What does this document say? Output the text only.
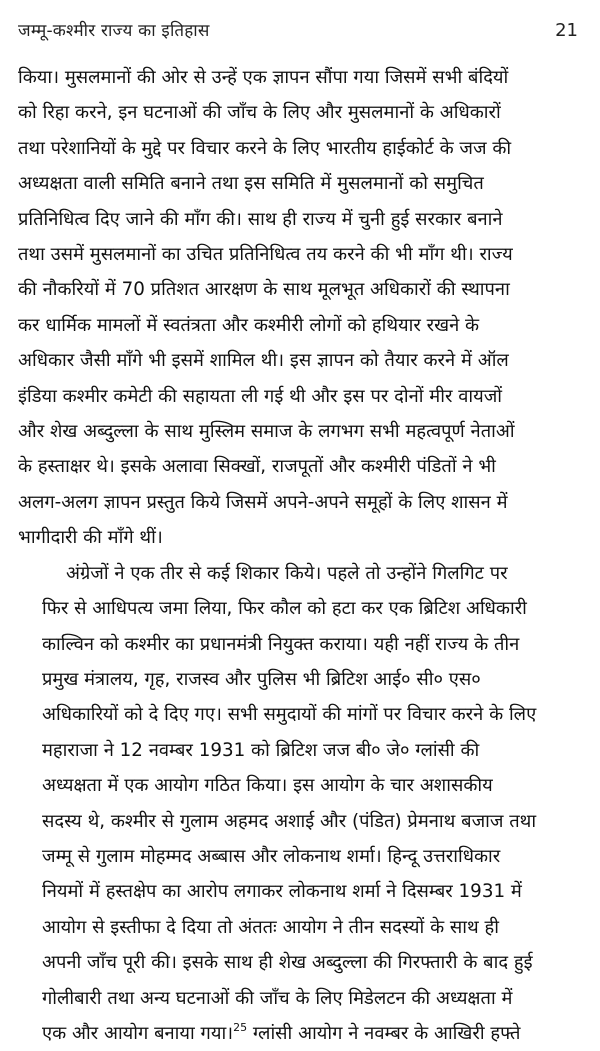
जम्मू-कश्मीर राज्य का इतिहास	21

किया। मुसलमानों की ओर से उन्हें एक ज्ञापन सौंपा गया जिसमें सभी बंदियों
को रिहा करने, इन घटनाओं की जाँच के लिए और मुसलमानों के अधिकारों
तथा परेशानियों के मुद्दे पर विचार करने के लिए भारतीय हाईकोर्ट के जज की
अध्यक्षता वाली समिति बनाने तथा इस समिति में मुसलमानों को समुचित
प्रतिनिधित्व दिए जाने की माँग की। साथ ही राज्य में चुनी हुई सरकार बनाने
तथा उसमें मुसलमानों का उचित प्रतिनिधित्व तय करने की भी माँग थी। राज्य
की नौकरियों में 70 प्रतिशत आरक्षण के साथ मूलभूत अधिकारों की स्थापना
कर धार्मिक मामलों में स्वतंत्रता और कश्मीरी लोगों को हथियार रखने के
अधिकार जैसी माँगे भी इसमें शामिल थी। इस ज्ञापन को तैयार करने में ऑल
इंडिया कश्मीर कमेटी की सहायता ली गई थी और इस पर दोनों मीर वायजों
और शेख अब्दुल्ला के साथ मुस्लिम समाज के लगभग सभी महत्वपूर्ण नेताओं
के हस्ताक्षर थे। इसके अलावा सिक्खों, राजपूतों और कश्मीरी पंडितों ने भी
अलग-अलग ज्ञापन प्रस्तुत किये जिसमें अपने-अपने समूहों के लिए शासन में
भागीदारी की माँगे थीं।

अंग्रेजों ने एक तीर से कई शिकार किये। पहले तो उन्होंने गिलगिट पर
फिर से आधिपत्य जमा लिया, फिर कौल को हटा कर एक ब्रिटिश अधिकारी
काल्विन को कश्मीर का प्रधानमंत्री नियुक्त कराया। यही नहीं राज्य के तीन
प्रमुख मंत्रालय, गृह, राजस्व और पुलिस भी ब्रिटिश आई० सी० एस०
अधिकारियों को दे दिए गए। सभी समुदायों की मांगों पर विचार करने के लिए
महाराजा ने 12 नवम्बर 1931 को ब्रिटिश जज बी० जे० ग्लांसी की
अध्यक्षता में एक आयोग गठित किया। इस आयोग के चार अशासकीय
सदस्य थे, कश्मीर से गुलाम अहमद अशाई और (पंडित) प्रेमनाथ बजाज तथा
जम्मू से गुलाम मोहम्मद अब्बास और लोकनाथ शर्मा। हिन्दू उत्तराधिकार
नियमों में हस्तक्षेप का आरोप लगाकर लोकनाथ शर्मा ने दिसम्बर 1931 में
आयोग से इस्तीफा दे दिया तो अंततः आयोग ने तीन सदस्यों के साथ ही
अपनी जाँच पूरी की। इसके साथ ही शेख अब्दुल्ला की गिरफ्तारी के बाद हुई
गोलीबारी तथा अन्य घटनाओं की जाँच के लिए मिडेलटन की अध्यक्षता में
एक और आयोग बनाया गया।$^{25}$ ग्लांसी आयोग ने नवम्बर के आखिरी हफ्ते
